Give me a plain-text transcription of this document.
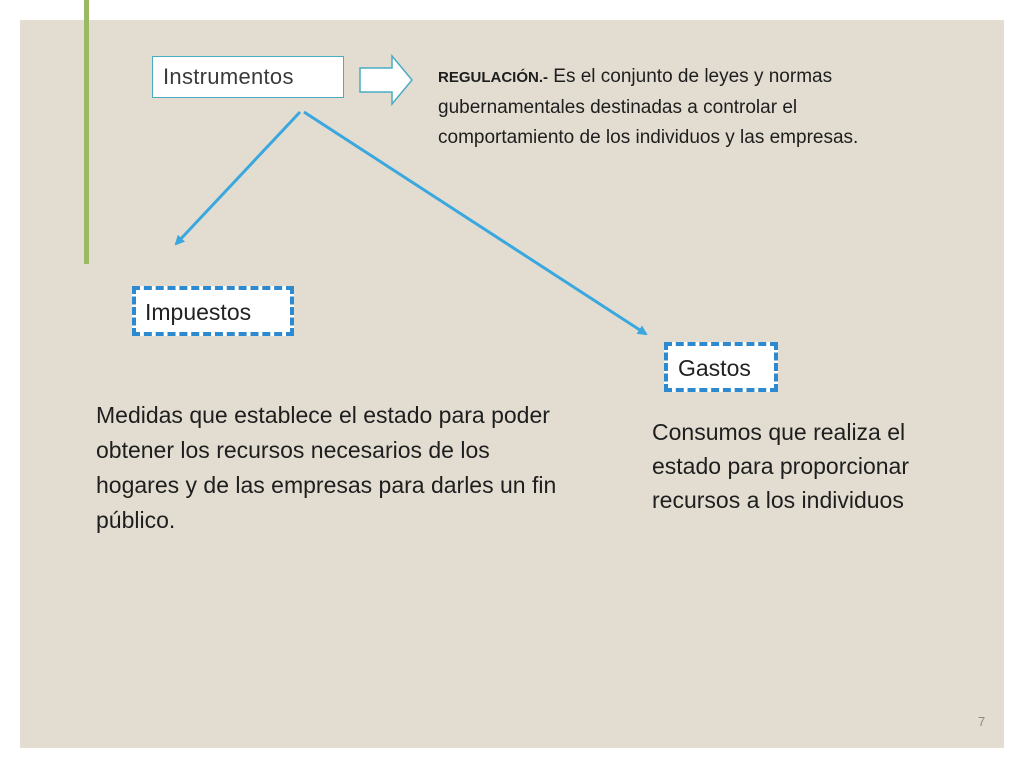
Instrumentos	REGULACIÓN.- Es el conjunto de leyes y normas gubernamentales destinadas a controlar el comportamiento de los individuos y las empresas.
Impuestos
Gastos
Medidas que establece el estado para poder obtener los recursos necesarios de los hogares y de las empresas para darles un fin público.
Consumos que realiza el estado para proporcionar recursos a los individuos
7
